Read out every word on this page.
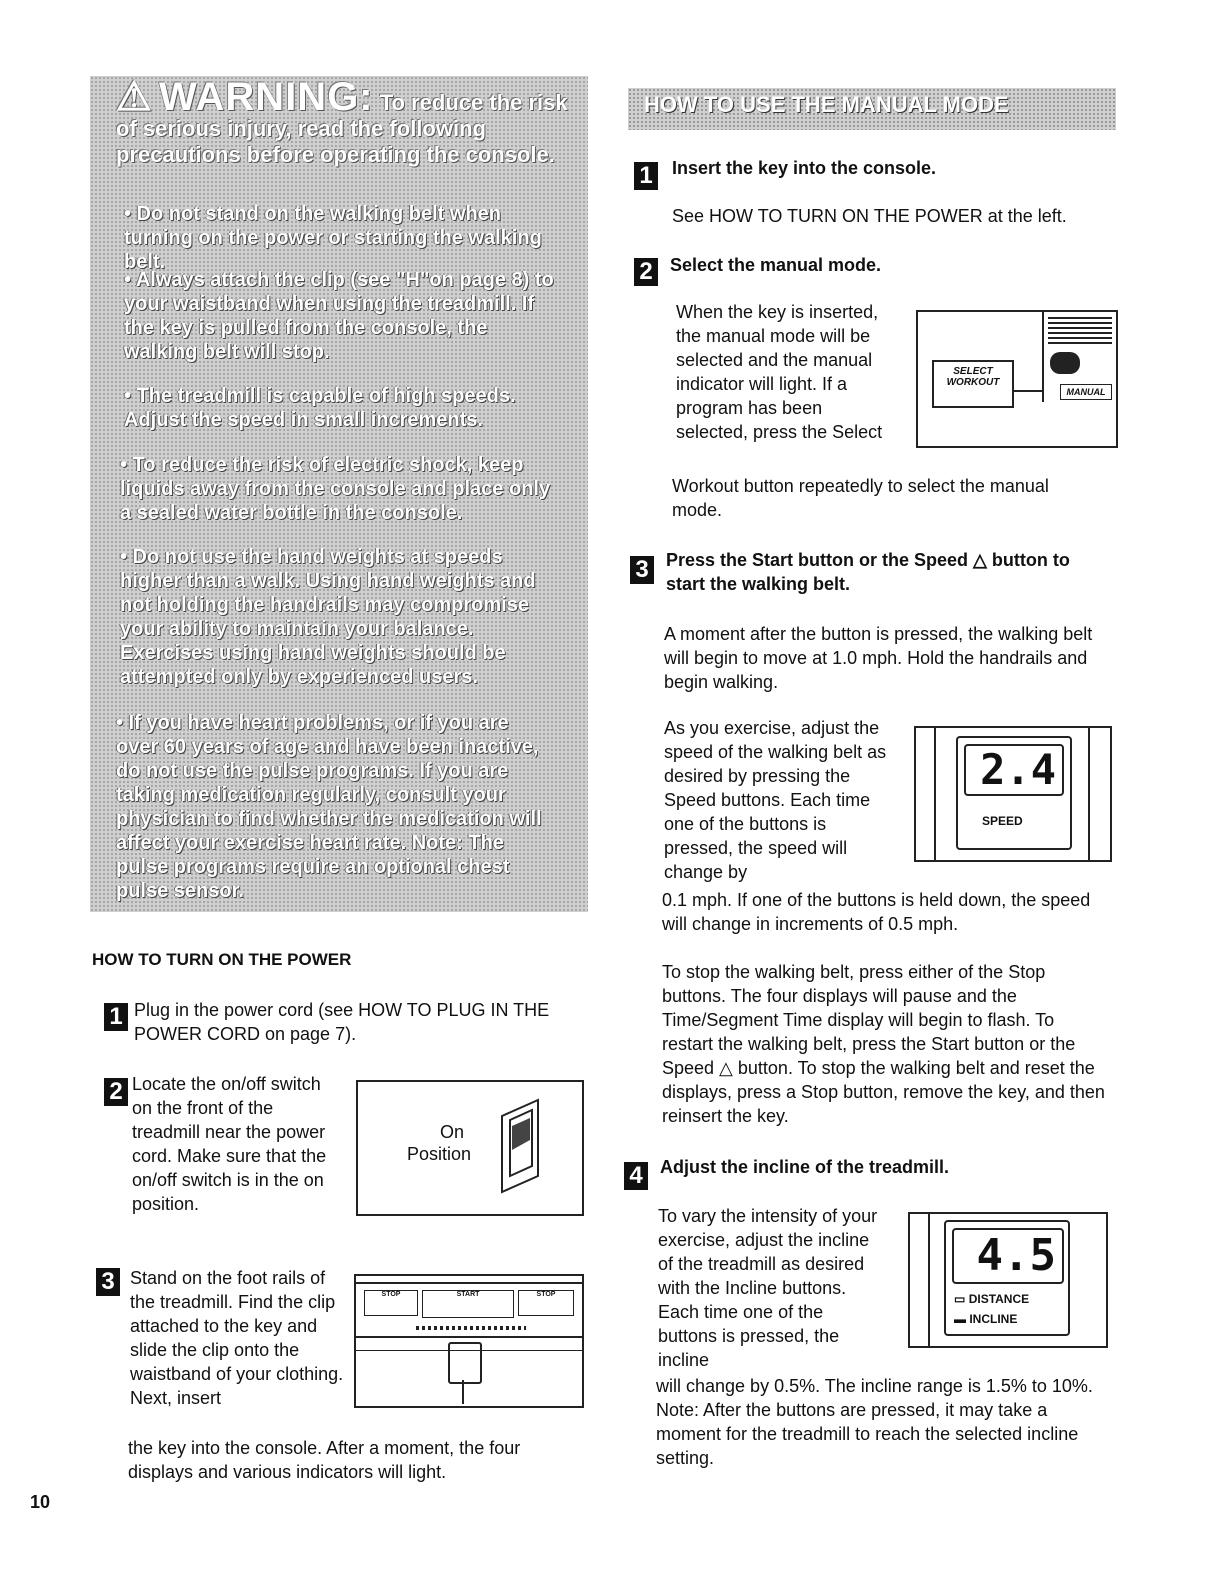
⚠ WARNING: To reduce the risk of serious injury, read the following precautions before operating the console.
• Do not stand on the walking belt when turning on the power or starting the walking belt.
• Always attach the clip (see "H"on page 8) to your waistband when using the treadmill. If the key is pulled from the console, the walking belt will stop.
• The treadmill is capable of high speeds. Adjust the speed in small increments.
• To reduce the risk of electric shock, keep liquids away from the console and place only a sealed water bottle in the console.
• Do not use the hand weights at speeds higher than a walk. Using hand weights and not holding the handrails may compromise your ability to maintain your balance. Exercises using hand weights should be attempted only by experienced users.
• If you have heart problems, or if you are over 60 years of age and have been inactive, do not use the pulse programs. If you are taking medication regularly, consult your physician to find whether the medication will affect your exercise heart rate. Note: The pulse programs require an optional chest pulse sensor.
HOW TO TURN ON THE POWER
1 Plug in the power cord (see HOW TO PLUG IN THE POWER CORD on page 7).
2 Locate the on/off switch on the front of the treadmill near the power cord. Make sure that the on/off switch is in the on position.
On
Position
3 Stand on the foot rails of the treadmill. Find the clip attached to the key and slide the clip onto the waistband of your clothing. Next, insert
the key into the console. After a moment, the four displays and various indicators will light.
STOP	START	STOP
HOW TO USE THE MANUAL MODE
1 Insert the key into the console.
See HOW TO TURN ON THE POWER at the left.
2 Select the manual mode.
When the key is inserted, the manual mode will be selected and the manual indicator will light. If a program has been selected, press the Select
Workout button repeatedly to select the manual mode.
SELECT
WORKOUT
MANUAL
3 Press the Start button or the Speed △ button to start the walking belt.
A moment after the button is pressed, the walking belt will begin to move at 1.0 mph. Hold the handrails and begin walking.
As you exercise, adjust the speed of the walking belt as desired by pressing the Speed buttons. Each time one of the buttons is pressed, the speed will change by
0.1 mph. If one of the buttons is held down, the speed will change in increments of 0.5 mph.
2.4
SPEED
To stop the walking belt, press either of the Stop buttons. The four displays will pause and the Time/Segment Time display will begin to flash. To restart the walking belt, press the Start button or the Speed △ button. To stop the walking belt and reset the displays, press a Stop button, remove the key, and then reinsert the key.
4 Adjust the incline of the treadmill.
To vary the intensity of your exercise, adjust the incline of the treadmill as desired with the Incline buttons. Each time one of the buttons is pressed, the incline
will change by 0.5%. The incline range is 1.5% to 10%. Note: After the buttons are pressed, it may take a moment for the treadmill to reach the selected incline setting.
4.5
▭ DISTANCE
▬ INCLINE
10
